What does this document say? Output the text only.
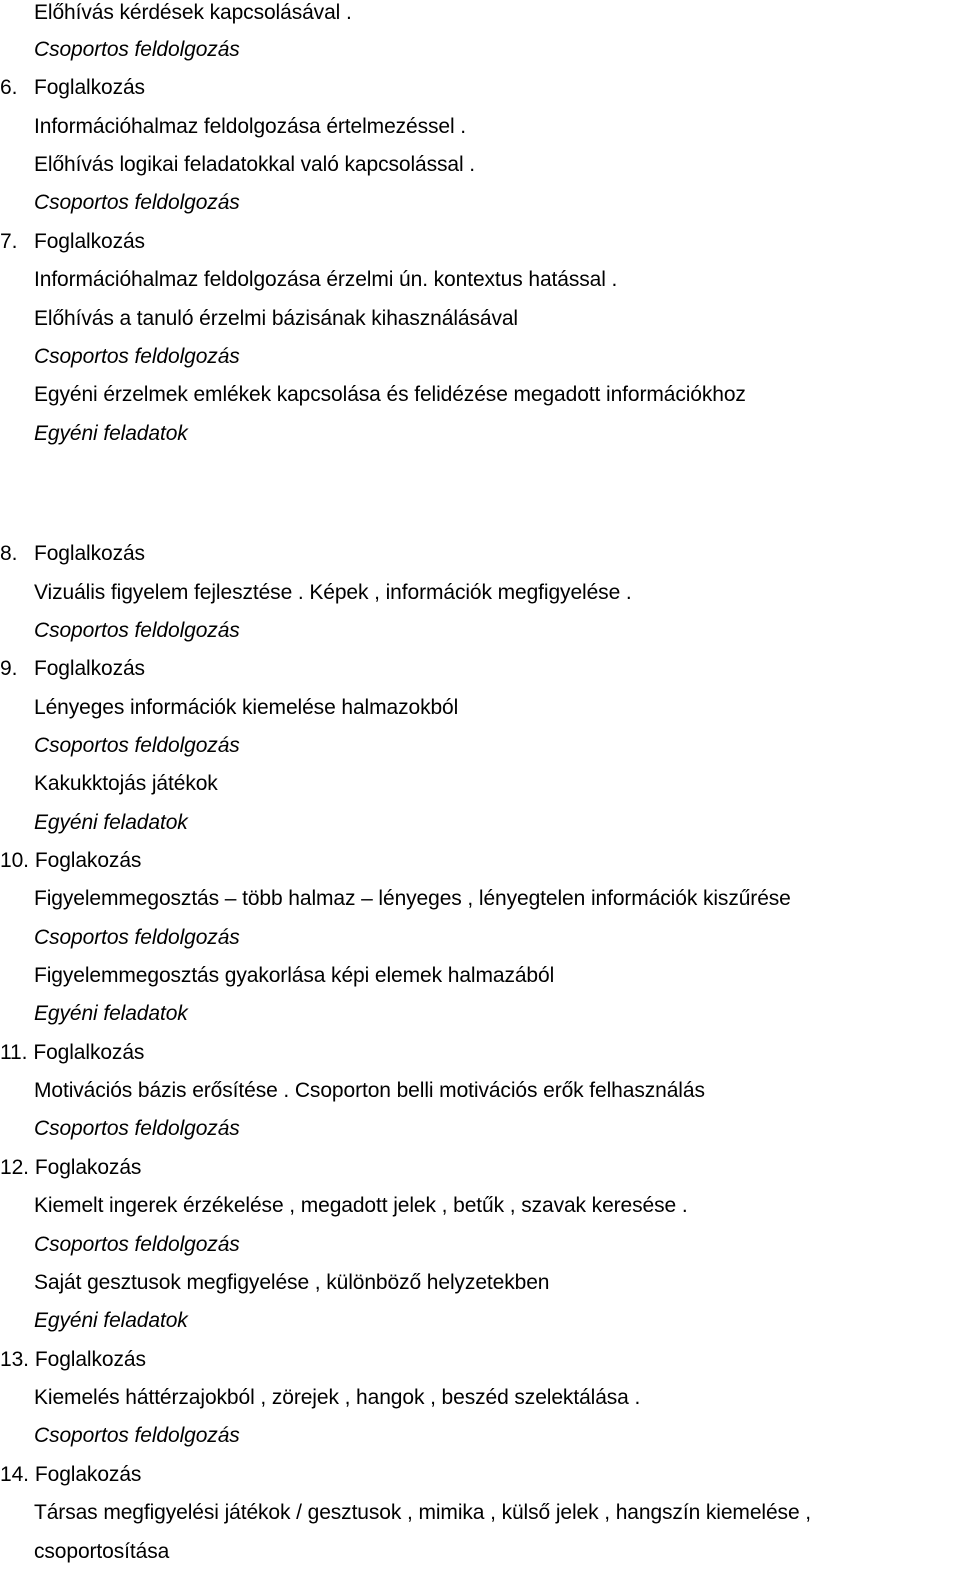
Előhívás kérdések kapcsolásával .
Csoportos feldolgozás
6. Foglalkozás
Információhalmaz feldolgozása értelmezéssel .
Előhívás logikai feladatokkal való kapcsolással .
Csoportos feldolgozás
7. Foglalkozás
Információhalmaz feldolgozása érzelmi ún. kontextus hatással .
Előhívás a tanuló érzelmi bázisának kihasználásával
Csoportos feldolgozás
Egyéni érzelmek emlékek kapcsolása és felidézése megadott információkhoz
Egyéni feladatok
8. Foglalkozás
Vizuális figyelem fejlesztése . Képek , információk megfigyelése .
Csoportos feldolgozás
9. Foglalkozás
Lényeges információk kiemelése halmazokból
Csoportos feldolgozás
Kakukktojás játékok
Egyéni feladatok
10. Foglakozás
Figyelemmegosztás – több halmaz – lényeges , lényegtelen információk kiszűrése
Csoportos feldolgozás
Figyelemmegosztás gyakorlása képi elemek halmazából
Egyéni feladatok
11. Foglalkozás
Motivációs bázis erősítése . Csoporton belli motivációs erők felhasználás
Csoportos feldolgozás
12. Foglakozás
Kiemelt ingerek érzékelése , megadott jelek , betűk , szavak keresése .
Csoportos feldolgozás
Saját gesztusok megfigyelése , különböző helyzetekben
Egyéni feladatok
13. Foglalkozás
Kiemelés háttérzajokból , zörejek , hangok , beszéd szelektálása .
Csoportos feldolgozás
14. Foglakozás
Társas megfigyelési játékok / gesztusok , mimika , külső jelek , hangszín kiemelése ,
csoportosítása
